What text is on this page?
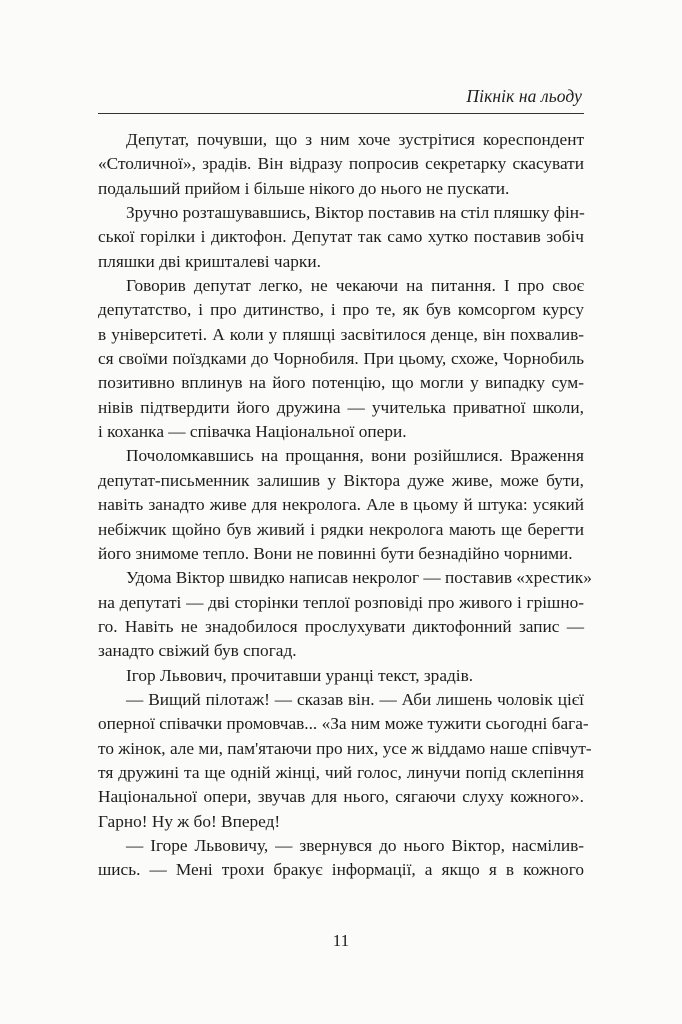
Пікнік на льоду
Депутат, почувши, що з ним хоче зустрітися кореспондент
«Столичної», зрадів. Він відразу попросив секретарку скасувати
подальший прийом і більше нікого до нього не пускати.
Зручно розташувавшись, Віктор поставив на стіл пляшку фін-
ської горілки і диктофон. Депутат так само хутко поставив зобіч
пляшки дві кришталеві чарки.
Говорив депутат легко, не чекаючи на питання. І про своє
депутатство, і про дитинство, і про те, як був комсоргом курсу
в університеті. А коли у пляшці засвітилося денце, він похвалив-
ся своїми поїздками до Чорнобиля. При цьому, схоже, Чорнобиль
позитивно вплинув на його потенцію, що могли у випадку сум-
нівів підтвердити його дружина — учителька приватної школи,
і коханка — співачка Національної опери.
Почоломкавшись на прощання, вони розійшлися. Враження
депутат-письменник залишив у Віктора дуже живе, може бути,
навіть занадто живе для некролога. Але в цьому й штука: усякий
небіжчик щойно був живий і рядки некролога мають ще берегти
його знимоме тепло. Вони не повинні бути безнадійно чорними.
Удома Віктор швидко написав некролог — поставив «хрестик»
на депутаті — дві сторінки теплої розповіді про живого і грішно-
го. Навіть не знадобилося прослухувати диктофонний запис —
занадто свіжий був спогад.
Ігор Львович, прочитавши уранці текст, зрадів.
— Вищий пілотаж! — сказав він. — Аби лишень чоловік цієї
оперної співачки промовчав... «За ним може тужити сьогодні бага-
то жінок, але ми, пам'ятаючи про них, усе ж віддамо наше співчут-
тя дружині та ще одній жінці, чий голос, линучи попід склепіння
Національної опери, звучав для нього, сягаючи слуху кожного».
Гарно! Ну ж бо! Вперед!
— Ігоре Львовичу, — звернувся до нього Віктор, насмілив-
шись. — Мені трохи бракує інформації, а якщо я в кожного
11
